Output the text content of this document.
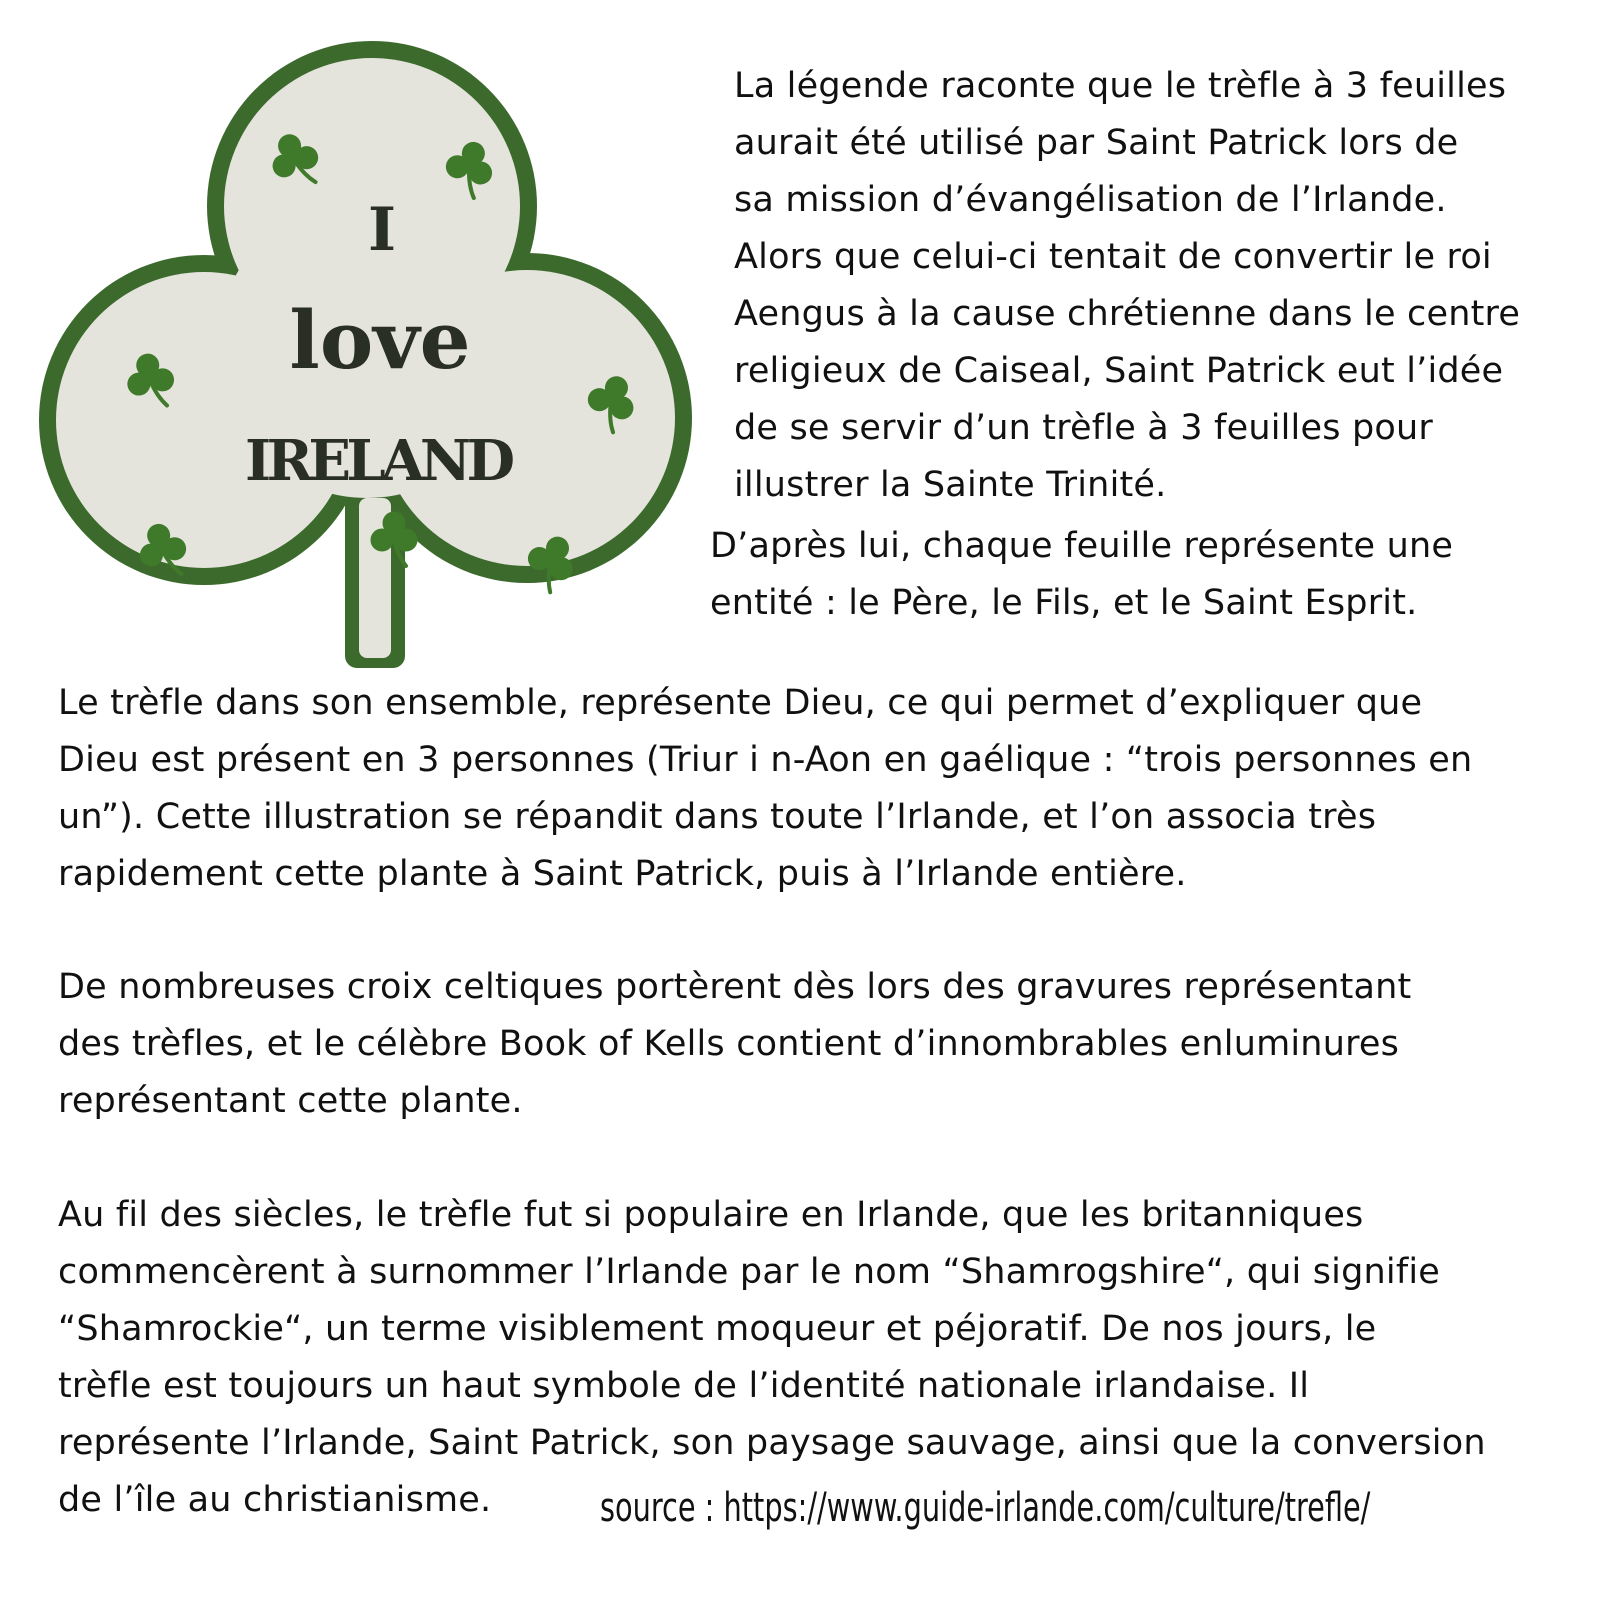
I
love
IRELAND

La légende raconte que le trèfle à 3 feuilles
aurait été utilisé par Saint Patrick lors de
sa mission d’évangélisation de l’Irlande.
Alors que celui-ci tentait de convertir le roi
Aengus à la cause chrétienne dans le centre
religieux de Caiseal, Saint Patrick eut l’idée
de se servir d’un trèfle à 3 feuilles pour
illustrer la Sainte Trinité.

D’après lui, chaque feuille représente une
entité : le Père, le Fils, et le Saint Esprit.

Le trèfle dans son ensemble, représente Dieu, ce qui permet d’expliquer que
Dieu est présent en 3 personnes (Triur i n-Aon en gaélique : “trois personnes en
un”). Cette illustration se répandit dans toute l’Irlande, et l’on associa très
rapidement cette plante à Saint Patrick, puis à l’Irlande entière.

De nombreuses croix celtiques portèrent dès lors des gravures représentant
des trèfles, et le célèbre Book of Kells contient d’innombrables enluminures
représentant cette plante.

Au fil des siècles, le trèfle fut si populaire en Irlande, que les britanniques
commencèrent à surnommer l’Irlande par le nom “Shamrogshire“, qui signifie
“Shamrockie“, un terme visiblement moqueur et péjoratif. De nos jours, le
trèfle est toujours un haut symbole de l’identité nationale irlandaise. Il
représente l’Irlande, Saint Patrick, son paysage sauvage, ainsi que la conversion
de l’île au christianisme.	source : https://www.guide-irlande.com/culture/trefle/
